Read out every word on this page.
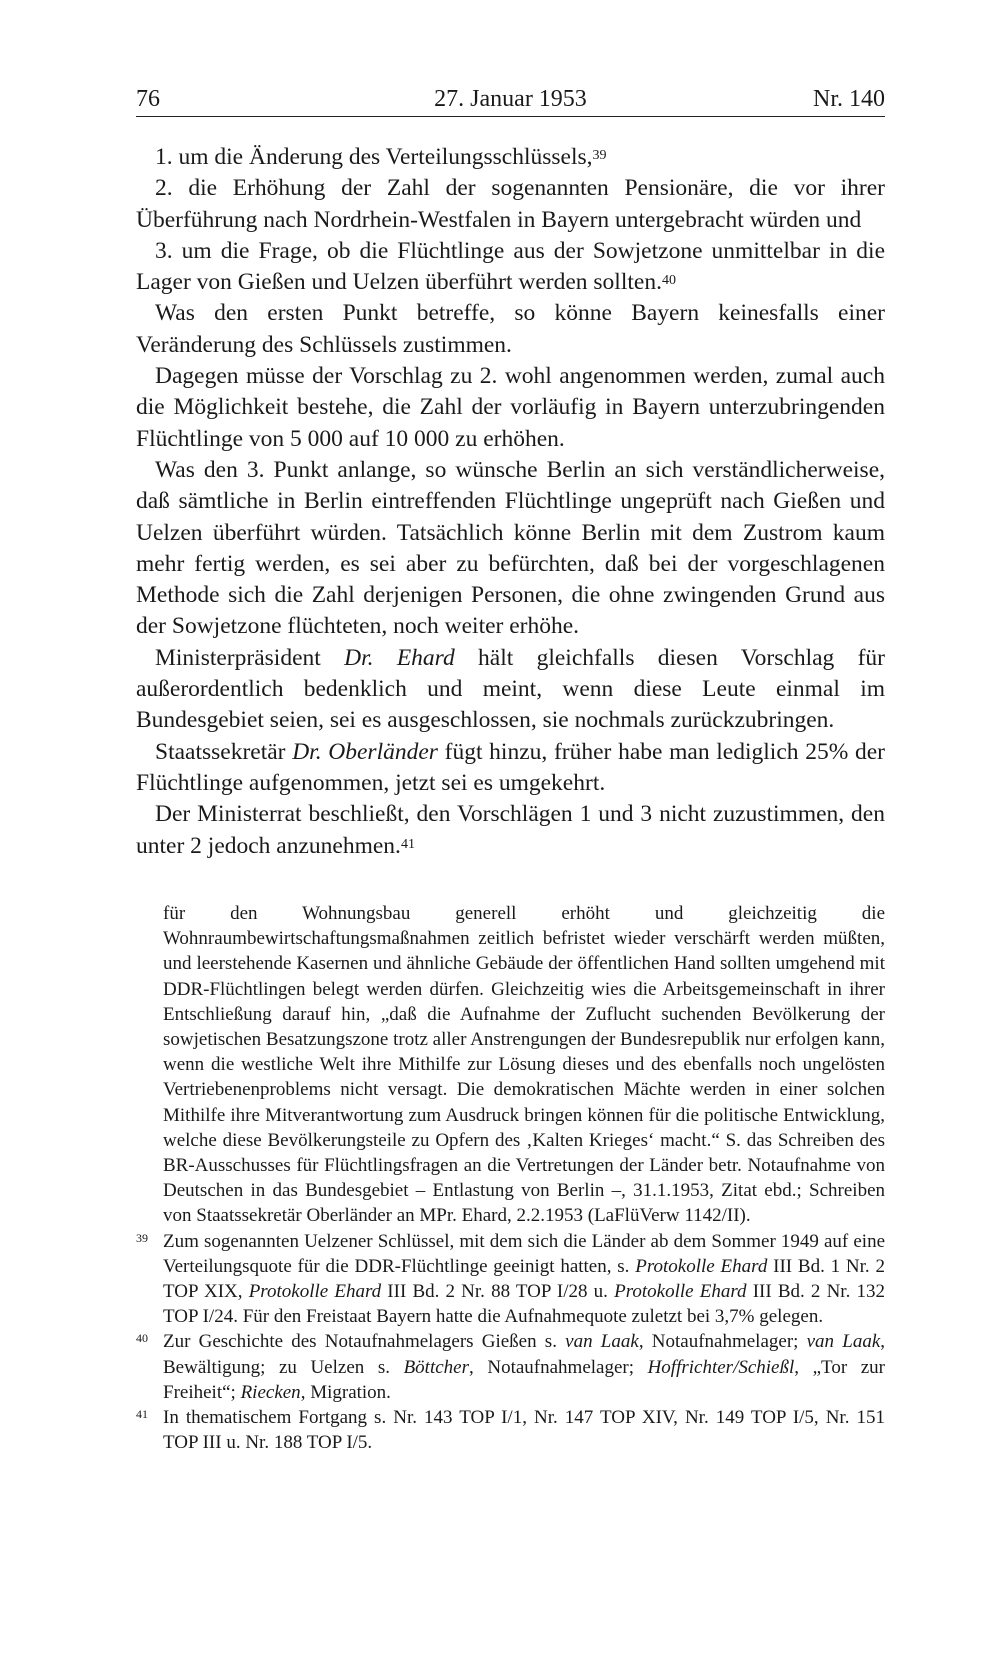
27. Januar 1953
76	Nr. 140

1. um die Änderung des Verteilungsschlüssels,$^{39}$

2. die Erhöhung der Zahl der sogenannten Pensionäre, die vor ihrer Überführung nach Nordrhein-Westfalen in Bayern untergebracht würden und

3. um die Frage, ob die Flüchtlinge aus der Sowjetzone unmittelbar in die Lager von Gießen und Uelzen überführt werden sollten.$^{40}$

Was den ersten Punkt betreffe, so könne Bayern keinesfalls einer Veränderung des Schlüssels zustimmen.

Dagegen müsse der Vorschlag zu 2. wohl angenommen werden, zumal auch die Möglichkeit bestehe, die Zahl der vorläufig in Bayern unterzubringenden Flüchtlinge von 5 000 auf 10 000 zu erhöhen.

Was den 3. Punkt anlange, so wünsche Berlin an sich verständlicherweise, daß sämtliche in Berlin eintreffenden Flüchtlinge ungeprüft nach Gießen und Uelzen überführt würden. Tatsächlich könne Berlin mit dem Zustrom kaum mehr fertig werden, es sei aber zu befürchten, daß bei der vorgeschlagenen Methode sich die Zahl derjenigen Personen, die ohne zwingenden Grund aus der Sowjetzone flüchteten, noch weiter erhöhe.

Ministerpräsident Dr. Ehard hält gleichfalls diesen Vorschlag für außerordentlich bedenklich und meint, wenn diese Leute einmal im Bundesgebiet seien, sei es ausgeschlossen, sie nochmals zurückzubringen.

Staatssekretär Dr. Oberländer fügt hinzu, früher habe man lediglich 25% der Flüchtlinge aufgenommen, jetzt sei es umgekehrt.

Der Ministerrat beschließt, den Vorschlägen 1 und 3 nicht zuzustimmen, den unter 2 jedoch anzunehmen.$^{41}$

für den Wohnungsbau generell erhöht und gleichzeitig die Wohnraumbewirtschaftungsmaßnahmen zeitlich befristet wieder verschärft werden müßten, und leerstehende Kasernen und ähnliche Gebäude der öffentlichen Hand sollten umgehend mit DDR-Flüchtlingen belegt werden dürfen. Gleichzeitig wies die Arbeitsgemeinschaft in ihrer Entschließung darauf hin, „daß die Aufnahme der Zuflucht suchenden Bevölkerung der sowjetischen Besatzungszone trotz aller Anstrengungen der Bundesrepublik nur erfolgen kann, wenn die westliche Welt ihre Mithilfe zur Lösung dieses und des ebenfalls noch ungelösten Vertriebenenproblems nicht versagt. Die demokratischen Mächte werden in einer solchen Mithilfe ihre Mitverantwortung zum Ausdruck bringen können für die politische Entwicklung, welche diese Bevölkerungsteile zu Opfern des ‚Kalten Krieges‘ macht.“ S. das Schreiben des BR-Ausschusses für Flüchtlingsfragen an die Vertretungen der Länder betr. Notaufnahme von Deutschen in das Bundesgebiet – Entlastung von Berlin –, 31.1.1953, Zitat ebd.; Schreiben von Staatssekretär Oberländer an MPr. Ehard, 2.2.1953 (LaFlüVerw 1142/II).

39 Zum sogenannten Uelzener Schlüssel, mit dem sich die Länder ab dem Sommer 1949 auf eine Verteilungsquote für die DDR-Flüchtlinge geeinigt hatten, s. Protokolle Ehard III Bd. 1 Nr. 2 TOP XIX, Protokolle Ehard III Bd. 2 Nr. 88 TOP I/28 u. Protokolle Ehard III Bd. 2 Nr. 132 TOP I/24. Für den Freistaat Bayern hatte die Aufnahmequote zuletzt bei 3,7% gelegen.

40 Zur Geschichte des Notaufnahmelagers Gießen s. van Laak, Notaufnahmelager; van Laak, Bewältigung; zu Uelzen s. Böttcher, Notaufnahmelager; Hoffrichter/Schießl, „Tor zur Freiheit“; Riecken, Migration.

41 In thematischem Fortgang s. Nr. 143 TOP I/1, Nr. 147 TOP XIV, Nr. 149 TOP I/5, Nr. 151 TOP III u. Nr. 188 TOP I/5.
